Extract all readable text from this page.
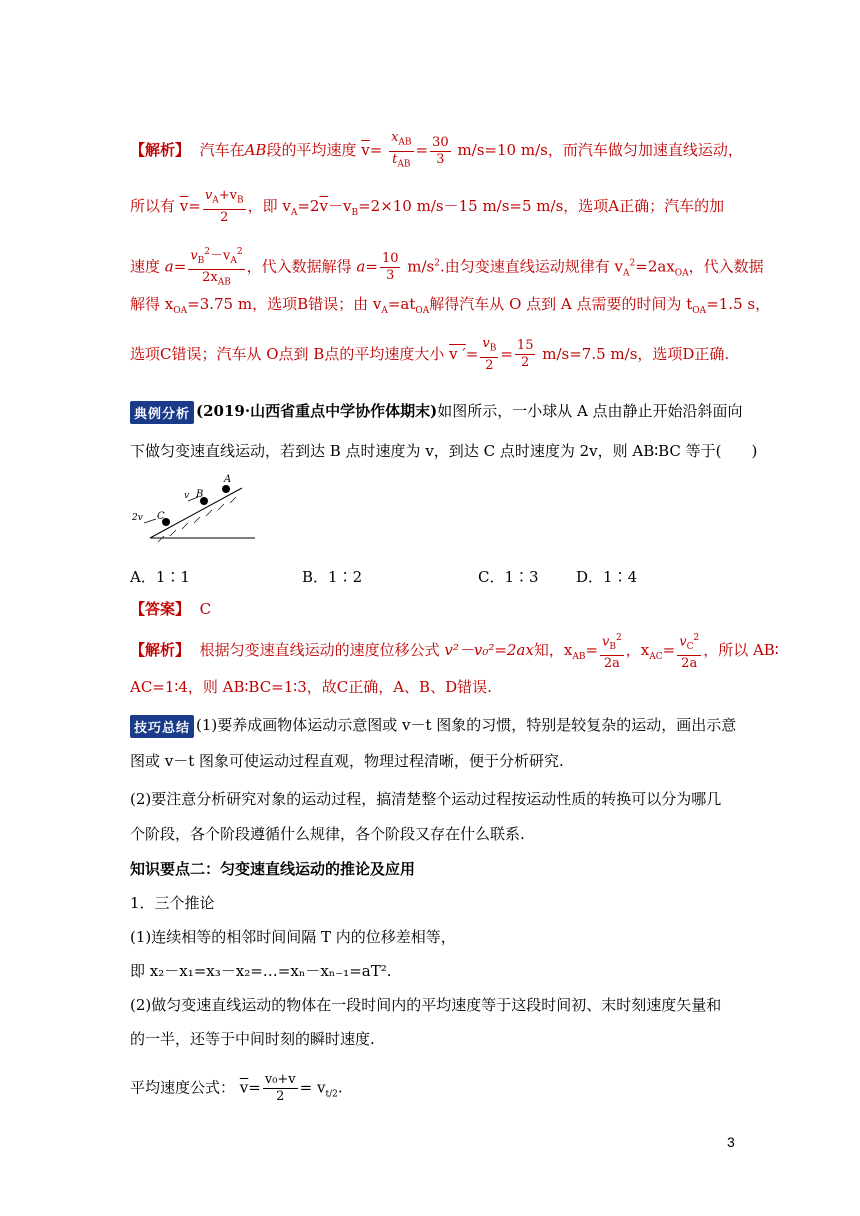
【解析】 汽车在AB段的平均速度 $\overline{v}= \frac{x_{AB}}{t_{AB}} = \frac{30}{3} m/s=10$ m/s，而汽车做匀加速直线运动，
所以有 $\overline{v}= \frac{v_A+v_B}{2}$ ，即 $v_A=2\overline{v}-v_B=2\times 10$ m/s－15 m/s=5 m/s，选项A正确；汽车的加
速度 $a= \frac{v_B^2-v_A^2}{2x_{AB}}$ ，代入数据解得 $a= \frac{10}{3} m/s^2$.由匀变速直线运动规律有 $v_A^2=2ax_{OA}$，代入数据
解得 $x_{OA}=3.75$ m，选项B错误；由 $v_A=at_{OA}$解得汽车从 O 点到 A 点需要的时间为 $t_{OA}=1.5$ s，
选项C错误；汽车从 O点到 B点的平均速度大小 v ′= $\frac{v_B}{2} = \frac{15}{2} m/s=7.5$ m/s，选项D正确.
典例分析 (2019·山西省重点中学协作体期末)如图所示，一小球从 A 点由静止开始沿斜面向
下做匀变速直线运动，若到达 B 点时速度为 v，到达 C 点时速度为 2v，则 AB∶BC 等于(　　)
A
B
C
v
2v
A．1∶1	B．1∶2	C．1∶3 D．1∶4
【答案】 C
【解析】 根据匀变速直线运动的速度位移公式 v²－v₀²=2ax知，$x_{AB}= \frac{v_B^2}{2a}$ ，$x_{AC}= \frac{v_C^2}{2a}$ ，所以 AB∶
AC=1∶4，则 AB∶BC=1∶3，故C正确，A、B、D错误.
技巧总结 (1)要养成画物体运动示意图或 v－t 图象的习惯，特别是较复杂的运动，画出示意
图或 v－t 图象可使运动过程直观，物理过程清晰，便于分析研究.
(2)要注意分析研究对象的运动过程，搞清楚整个运动过程按运动性质的转换可以分为哪几
个阶段，各个阶段遵循什么规律，各个阶段又存在什么联系.
知识要点二：匀变速直线运动的推论及应用
1．三个推论
(1)连续相等的相邻时间间隔 T 内的位移差相等，
即 x₂－x₁=x₃－x₂=…=xₙ－xₙ₋₁=aT².
(2)做匀变速直线运动的物体在一段时间内的平均速度等于这段时间初、末时刻速度矢量和
的一半，还等于中间时刻的瞬时速度.
平均速度公式： $\overline{v}= \frac{\text{v₀+v}}{2} = v_{t/2}$.
3
